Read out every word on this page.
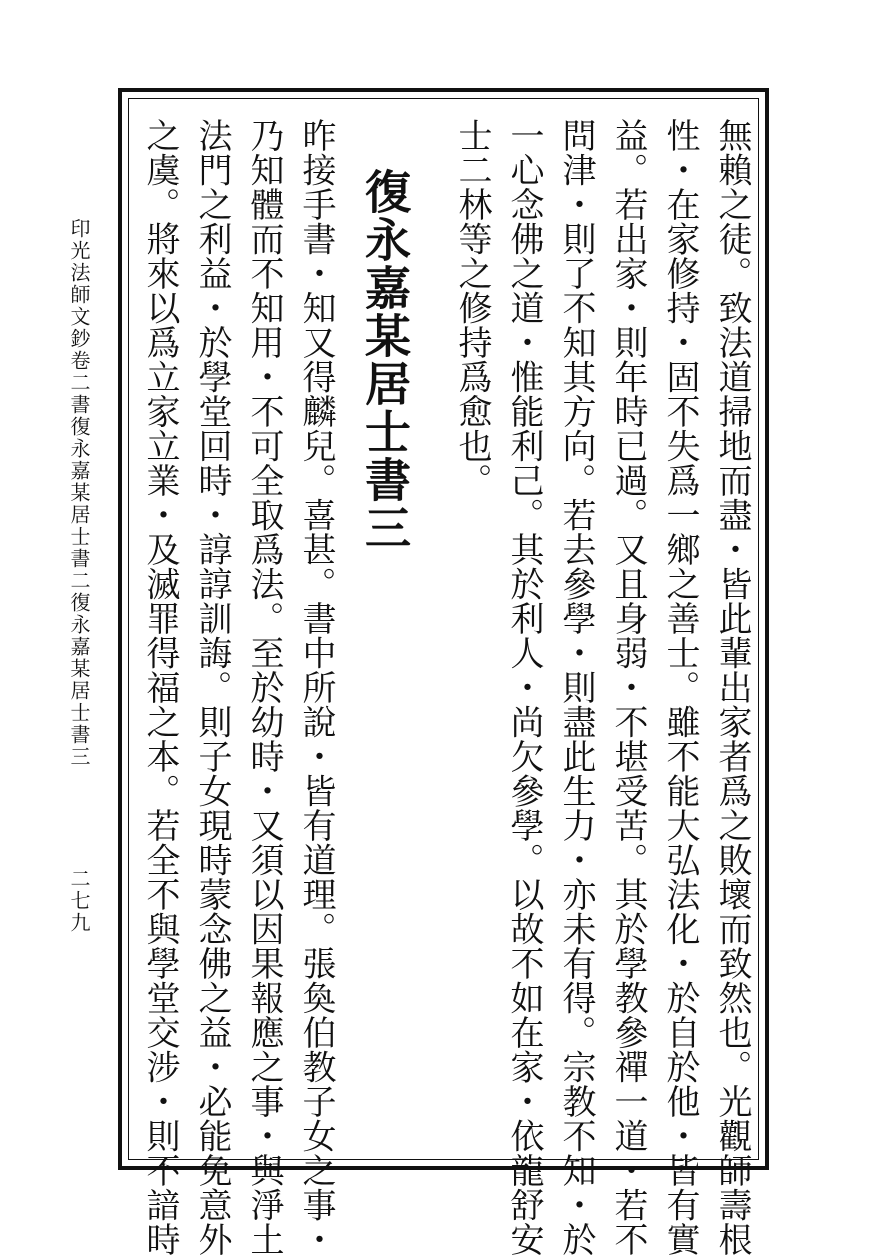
無賴之徒。致法道掃地而盡・皆此輩出家者爲之敗壞而致然也。光觀師壽根
性・在家修持・固不失爲一鄉之善士。雖不能大弘法化・於自於他・皆有實
益。若出家・則年時已過。又且身弱・不堪受苦。其於學教參禪一道・若不
問津・則了不知其方向。若去參學・則盡此生力・亦未有得。宗教不知・於
一心念佛之道・惟能利己。其於利人・尚欠參學。以故不如在家・依龍舒安
士二林等之修持爲愈也。
復永嘉某居士書三
昨接手書・知又得麟兒。喜甚。書中所說・皆有道理。張奐伯教子女之事・
乃知體而不知用・不可全取爲法。至於幼時・又須以因果報應之事・與淨土
法門之利益・於學堂回時・諄諄訓誨。則子女現時蒙念佛之益・必能免意外
之虞。將來以爲立家立業・及滅罪得福之本。若全不與學堂交涉・則不諳時
印光法師文鈔卷二書復永嘉某居士書二復永嘉某居士書三
二七九
